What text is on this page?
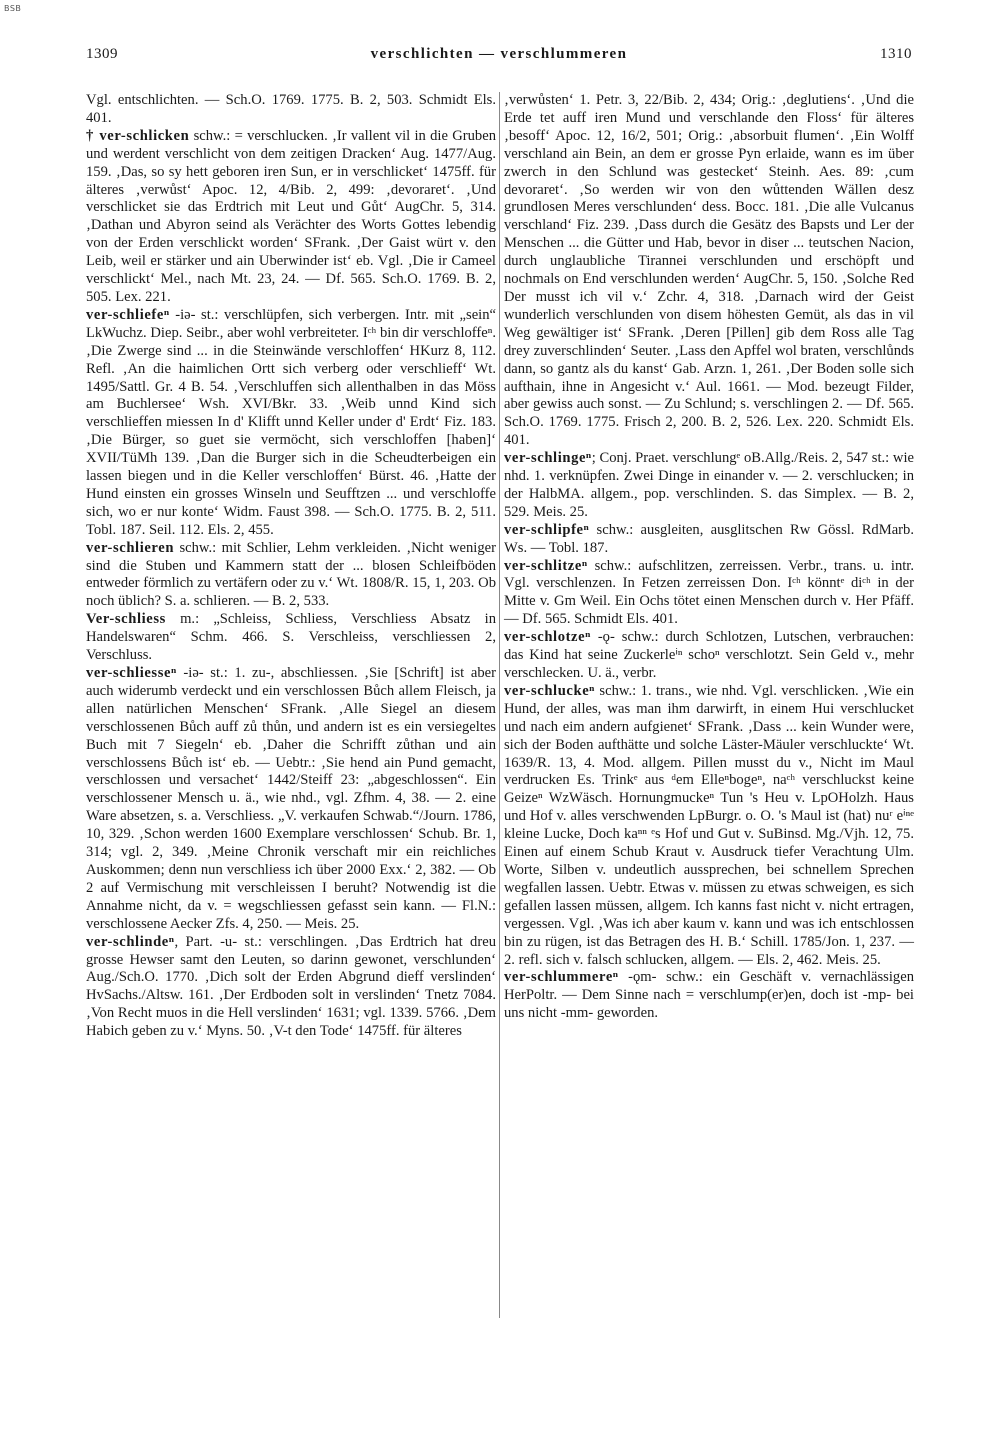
BSB
1309	verschlichten — verschlummeren	1310

Vgl. entschlichten. — Sch.O. 1769. 1775. B. 2, 503. Schmidt Els. 401.

† ver-schlicken schw.: = verschlucken. ‚Ir vallent vil in die Gruben und werdent verschlicht von dem zeitigen Dracken‘ Aug. 1477/Aug. 159. ‚Das, so sy hett geboren iren Sun, er in verschlicket‘ 1475ff. für älteres ‚verwůst‘ Apoc. 12, 4/Bib. 2, 499: ‚devoraret‘. ‚Und verschlicket sie das Erdtrich mit Leut und Gůt‘ AugChr. 5, 314. ‚Dathan und Abyron seind als Verächter des Worts Gottes lebendig von der Erden verschlickt worden‘ SFrank. ‚Der Gaist würt v. den Leib, weil er stärker und ain Uberwinder ist‘ eb. Vgl. ‚Die ir Cameel verschlickt‘ Mel., nach Mt. 23, 24. — Df. 565. Sch.O. 1769. B. 2, 505. Lex. 221.

ver-schliefeⁿ -iə- st.: verschlüpfen, sich verbergen. Intr. mit „sein“ LkWuchz. Diep. Seibr., aber wohl verbreiteter. Iᶜʰ bin dir verschloffeⁿ. ‚Die Zwerge sind ... in die Steinwände verschloffen‘ HKurz 8, 112. Refl. ‚An die haimlichen Ortt sich verberg oder verschlieff‘ Wt. 1495/Sattl. Gr. 4 B. 54. ‚Verschluffen sich allenthalben in das Möss am Buchlersee‘ Wsh. XVI/Bkr. 33. ‚Weib unnd Kind sich verschlieffen miessen In d' Klifft unnd Keller under d' Erdt‘ Fiz. 183. ‚Die Bürger, so guet sie vermöcht, sich verschloffen [haben]‘ XVII/TüMh 139. ‚Dan die Burger sich in die Scheudterbeigen ein lassen biegen und in die Keller verschloffen‘ Bürst. 46. ‚Hatte der Hund einsten ein grosses Winseln und Seufftzen ... und verschloffe sich, wo er nur konte‘ Widm. Faust 398. — Sch.O. 1775. B. 2, 511. Tobl. 187. Seil. 112. Els. 2, 455.

ver-schlieren schw.: mit Schlier, Lehm verkleiden. ‚Nicht weniger sind die Stuben und Kammern statt der ... blosen Schleifböden entweder förmlich zu vertäfern oder zu v.‘ Wt. 1808/R. 15, 1, 203. Ob noch üblich? S. a. schlieren. — B. 2, 533.

Ver-schliess m.: „Schleiss, Schliess, Verschliess Absatz in Handelswaren“ Schm. 466. S. Verschleiss, verschliessen 2, Verschluss.

ver-schliesseⁿ -iə- st.: 1. zu-, abschliessen. ‚Sie [Schrift] ist aber auch widerumb verdeckt und ein verschlossen Bůch allem Fleisch, ja allen natürlichen Menschen‘ SFrank. ‚Alle Siegel an diesem verschlossenen Bůch auff zů thůn, und andern ist es ein versiegeltes Buch mit 7 Siegeln‘ eb. ‚Daher die Schrifft zůthan und ain verschlossens Bůch ist‘ eb. — Uebtr.: ‚Sie hend ain Pund gemacht, verschlossen und versachet‘ 1442/Steiff 23: „abgeschlossen“. Ein verschlossener Mensch u. ä., wie nhd., vgl. Zfhm. 4, 38. — 2. eine Ware absetzen, s. a. Verschliess. „V. verkaufen Schwab.“/Journ. 1786, 10, 329. ‚Schon werden 1600 Exemplare verschlossen‘ Schub. Br. 1, 314; vgl. 2, 349. ‚Meine Chronik verschaft mir ein reichliches Auskommen; denn nun verschliess ich über 2000 Exx.‘ 2, 382. — Ob 2 auf Vermischung mit verschleissen I beruht? Notwendig ist die Annahme nicht, da v. = wegschliessen gefasst sein kann. — Fl.N.: verschlossene Aecker Zfs. 4, 250. — Meis. 25.

ver-schlindeⁿ, Part. -u- st.: verschlingen. ‚Das Erdtrich hat dreu grosse Hewser samt den Leuten, so darinn gewonet, verschlunden‘ Aug./Sch.O. 1770. ‚Dich solt der Erden Abgrund dieff verslinden‘ HvSachs./Altsw. 161. ‚Der Erdboden solt in verslinden‘ Tnetz 7084. ‚Von Recht muos in die Hell verslinden‘ 1631; vgl. 1339. 5766. ‚Dem Habich geben zu v.‘ Myns. 50. ‚V-t den Tode‘ 1475ff. für älteres

‚verwůsten‘ 1. Petr. 3, 22/Bib. 2, 434; Orig.: ‚deglutiens‘. ‚Und die Erde tet auff iren Mund und verschlande den Floss‘ für älteres ‚besoff‘ Apoc. 12, 16/2, 501; Orig.: ‚absorbuit flumen‘. ‚Ein Wolff verschland ain Bein, an dem er grosse Pyn erlaide, wann es im über zwerch in den Schlund was gestecket‘ Steinh. Aes. 89: ‚cum devoraret‘. ‚So werden wir von den wůttenden Wällen desz grundlosen Meres verschlunden‘ dess. Bocc. 181. ‚Die alle Vulcanus verschland‘ Fiz. 239. ‚Dass durch die Gesätz des Bapsts und Ler der Menschen ... die Gütter und Hab, bevor in diser ... teutschen Nacion, durch unglaubliche Tirannei verschlunden und erschöpft und nochmals on End verschlunden werden‘ AugChr. 5, 150. ‚Solche Red Der musst ich vil v.‘ Zchr. 4, 318. ‚Darnach wird der Geist wunderlich verschlunden von disem höhesten Gemüt, als das in vil Weg gewältiger ist‘ SFrank. ‚Deren [Pillen] gib dem Ross alle Tag drey zuverschlinden‘ Seuter. ‚Lass den Apffel wol braten, verschlůnds dann, so gantz als du kanst‘ Gab. Arzn. 1, 261. ‚Der Boden solle sich aufthain, ihne in Angesicht v.‘ Aul. 1661. — Mod. bezeugt Filder, aber gewiss auch sonst. — Zu Schlund; s. verschlingen 2. — Df. 565. Sch.O. 1769. 1775. Frisch 2, 200. B. 2, 526. Lex. 220. Schmidt Els. 401.

ver-schlingeⁿ; Conj. Praet. verschlungᵉ oB.Allg./Reis. 2, 547 st.: wie nhd. 1. verknüpfen. Zwei Dinge in einander v. — 2. verschlucken; in der HalbMA. allgem., pop. verschlinden. S. das Simplex. — B. 2, 529. Meis. 25.

ver-schlipfeⁿ schw.: ausgleiten, ausglitschen Rw Gössl. RdMarb. Ws. — Tobl. 187.

ver-schlitzeⁿ schw.: aufschlitzen, zerreissen. Verbr., trans. u. intr. Vgl. verschlenzen. In Fetzen zerreissen Don. Iᶜʰ könntᵉ diᶜʰ in der Mitte v. Gm Weil. Ein Ochs tötet einen Menschen durch v. Her Pfäff. — Df. 565. Schmidt Els. 401.

ver-schlotzeⁿ -ǫ- schw.: durch Schlotzen, Lutschen, verbrauchen: das Kind hat seine Zuckerleⁱⁿ schoⁿ verschlotzt. Sein Geld v., mehr verschlecken. U. ä., verbr.

ver-schluckeⁿ schw.: 1. trans., wie nhd. Vgl. verschlicken. ‚Wie ein Hund, der alles, was man ihm darwirft, in einem Hui verschlucket und nach eim andern aufgienet‘ SFrank. ‚Dass ... kein Wunder were, sich der Boden aufthätte und solche Läster-Mäuler verschluckte‘ Wt. 1639/R. 13, 4. Mod. allgem. Pillen musst du v., Nicht im Maul verdrucken Es. Trinkᵉ aus ᵈem Elleⁿbogeⁿ, naᶜʰ verschluckst keine Geizeⁿ WzWäsch. Hornungmuckeⁿ Tun 's Heu v. LpOHolzh. Haus und Hof v. alles verschwenden LpBurgr. o. O. 's Maul ist (hat) nuʳ eⁱⁿᵉ kleine Lucke, Doch kaⁿⁿ ᵉs Hof und Gut v. SuBinsd. Mg./Vjh. 12, 75. Einen auf einem Schub Kraut v. Ausdruck tiefer Verachtung Ulm. Worte, Silben v. undeutlich aussprechen, bei schnellem Sprechen wegfallen lassen. Uebtr. Etwas v. müssen zu etwas schweigen, es sich gefallen lassen müssen, allgem. Ich kanns fast nicht v. nicht ertragen, vergessen. Vgl. ‚Was ich aber kaum v. kann und was ich entschlossen bin zu rügen, ist das Betragen des H. B.‘ Schill. 1785/Jon. 1, 237. — 2. refl. sich v. falsch schlucken, allgem. — Els. 2, 462. Meis. 25.

ver-schlummereⁿ -ǫm- schw.: ein Geschäft v. vernachlässigen HerPoltr. — Dem Sinne nach = verschlump(er)en, doch ist -mp- bei uns nicht -mm- geworden.
